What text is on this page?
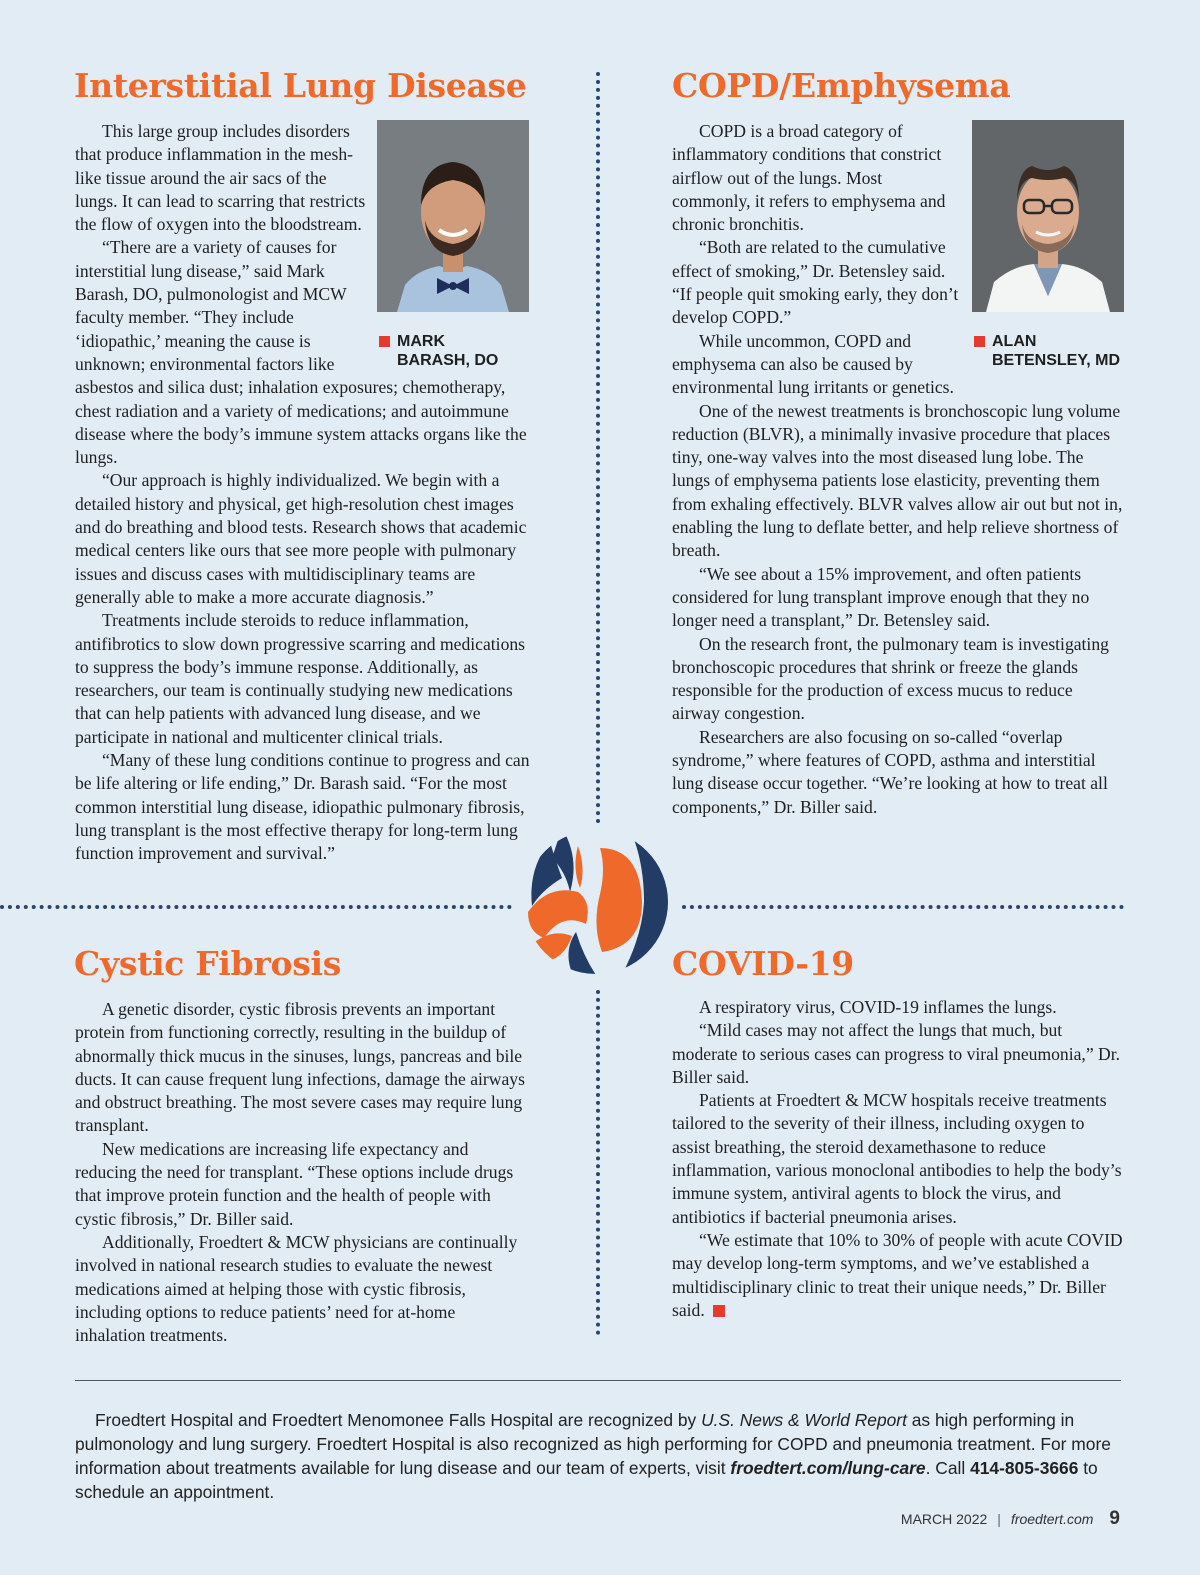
Interstitial Lung Disease
MARK
BARASH, DO

This large group includes disorders that produce inflammation in the mesh-like tissue around the air sacs of the lungs. It can lead to scarring that restricts the flow of oxygen into the bloodstream.

“There are a variety of causes for interstitial lung disease,” said Mark Barash, DO, pulmonologist and MCW faculty member. “They include ‘idiopathic,’ meaning the cause is unknown; environmental factors like asbestos and silica dust; inhalation exposures; chemotherapy, chest radiation and a variety of medications; and autoimmune disease where the body’s immune system attacks organs like the lungs.

“Our approach is highly individualized. We begin with a detailed history and physical, get high-resolution chest images and do breathing and blood tests. Research shows that academic medical centers like ours that see more people with pulmonary issues and discuss cases with multidisciplinary teams are generally able to make a more accurate diagnosis.”

Treatments include steroids to reduce inflammation, antifibrotics to slow down progressive scarring and medications to suppress the body’s immune response. Additionally, as researchers, our team is continually studying new medications that can help patients with advanced lung disease, and we participate in national and multicenter clinical trials.

“Many of these lung conditions continue to progress and can be life altering or life ending,” Dr. Barash said. “For the most common interstitial lung disease, idiopathic pulmonary fibrosis, lung transplant is the most effective therapy for long-term lung function improvement and survival.”

COPD/Emphysema
ALAN
BETENSLEY, MD

COPD is a broad category of inflammatory conditions that constrict airflow out of the lungs. Most commonly, it refers to emphysema and chronic bronchitis.

“Both are related to the cumulative effect of smoking,” Dr. Betensley said. “If people quit smoking early, they don’t develop COPD.”

While uncommon, COPD and emphysema can also be caused by environmental lung irritants or genetics.

One of the newest treatments is bronchoscopic lung volume reduction (BLVR), a minimally invasive procedure that places tiny, one-way valves into the most diseased lung lobe. The lungs of emphysema patients lose elasticity, preventing them from exhaling effectively. BLVR valves allow air out but not in, enabling the lung to deflate better, and help relieve shortness of breath.

“We see about a 15% improvement, and often patients considered for lung transplant improve enough that they no longer need a transplant,” Dr. Betensley said.

On the research front, the pulmonary team is investigating bronchoscopic procedures that shrink or freeze the glands responsible for the production of excess mucus to reduce airway congestion.

Researchers are also focusing on so-called “overlap syndrome,” where features of COPD, asthma and interstitial lung disease occur together. “We’re looking at how to treat all components,” Dr. Biller said.

Cystic Fibrosis

A genetic disorder, cystic fibrosis prevents an important protein from functioning correctly, resulting in the buildup of abnormally thick mucus in the sinuses, lungs, pancreas and bile ducts. It can cause frequent lung infections, damage the airways and obstruct breathing. The most severe cases may require lung transplant.

New medications are increasing life expectancy and reducing the need for transplant. “These options include drugs that improve protein function and the health of people with cystic fibrosis,” Dr. Biller said.

Additionally, Froedtert & MCW physicians are continually involved in national research studies to evaluate the newest medications aimed at helping those with cystic fibrosis, including options to reduce patients’ need for at-home inhalation treatments.

COVID-19

A respiratory virus, COVID-19 inflames the lungs.

“Mild cases may not affect the lungs that much, but moderate to serious cases can progress to viral pneumonia,” Dr. Biller said.

Patients at Froedtert & MCW hospitals receive treatments tailored to the severity of their illness, including oxygen to assist breathing, the steroid dexamethasone to reduce inflammation, various monoclonal antibodies to help the body’s immune system, antiviral agents to block the virus, and antibiotics if bacterial pneumonia arises.

“We estimate that 10% to 30% of people with acute COVID may develop long-term symptoms, and we’ve established a multidisciplinary clinic to treat their unique needs,” Dr. Biller said.

Froedtert Hospital and Froedtert Menomonee Falls Hospital are recognized by U.S. News & World Report as high performing in pulmonology and lung surgery. Froedtert Hospital is also recognized as high performing for COPD and pneumonia treatment. For more information about treatments available for lung disease and our team of experts, visit froedtert.com/lung-care. Call 414-805-3666 to schedule an appointment.
MARCH 2022 | froedtert.com 9
